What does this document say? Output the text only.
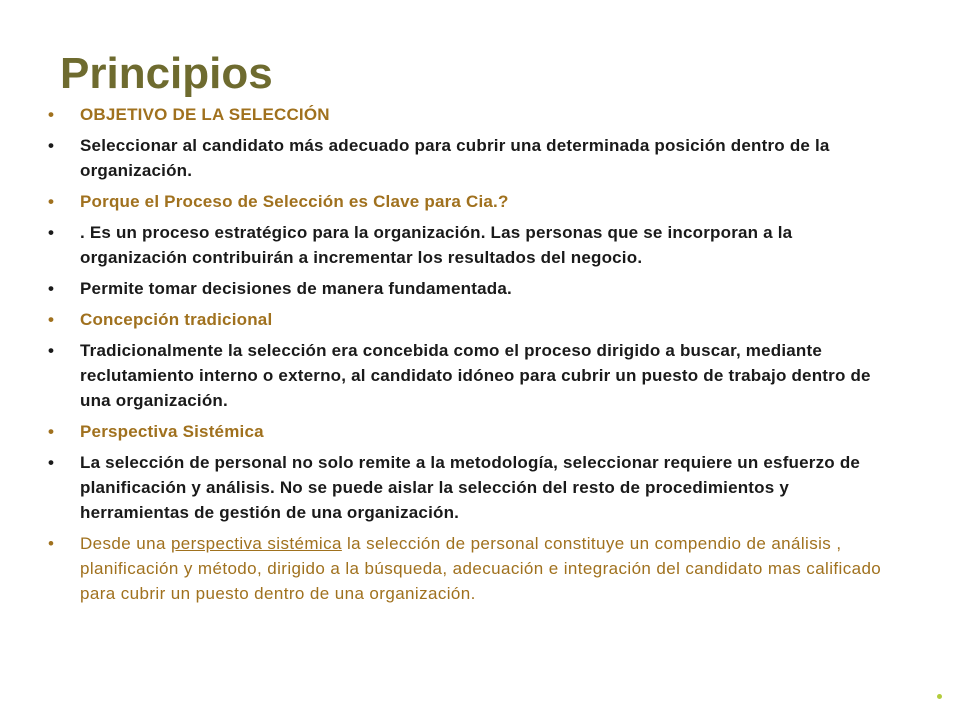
Principios
• OBJETIVO DE LA SELECCIÓN
• Seleccionar al candidato más adecuado para cubrir una determinada posición dentro de la organización.
• Porque el Proceso de Selección es Clave para Cia.?
• . Es un proceso estratégico para la organización. Las personas que se incorporan a la organización contribuirán a incrementar los resultados del negocio.
• Permite tomar decisiones de manera fundamentada.
• Concepción tradicional
• Tradicionalmente la selección era concebida como el proceso dirigido a buscar, mediante reclutamiento interno o externo, al candidato idóneo para cubrir un puesto de trabajo dentro de una organización.
• Perspectiva Sistémica
• La selección de personal no solo remite a la metodología, seleccionar requiere un esfuerzo de planificación y análisis. No se puede aislar la selección del resto de procedimientos y herramientas de gestión de una organización.
• Desde una perspectiva sistémica la selección de personal constituye un compendio de análisis , planificación y método, dirigido a la búsqueda, adecuación e integración del candidato mas calificado para cubrir un puesto dentro de una organización.
